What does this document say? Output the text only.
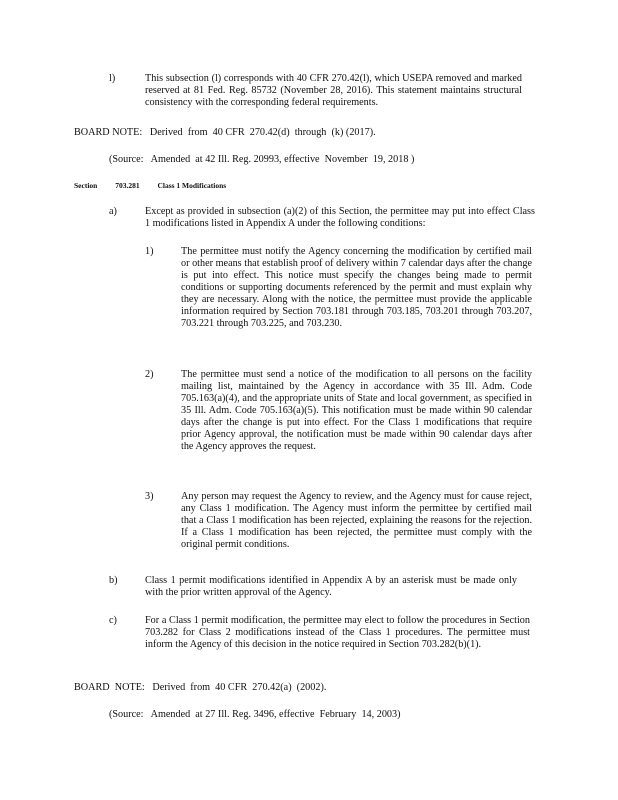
l)	This subsection (l) corresponds with 40 CFR 270.42(l), which USEPA removed and marked reserved at 81 Fed. Reg. 85732 (November 28, 2016). This statement maintains structural consistency with the corresponding federal requirements.
BOARD NOTE:   Derived  from  40 CFR  270.42(d)  through  (k) (2017).
(Source:   Amended  at 42 Ill. Reg. 20993, effective  November  19, 2018 )
Section 703.281 Class 1 Modifications
a)	Except as provided in subsection (a)(2) of this Section, the permittee may put into effect Class 1 modifications listed in Appendix A under the following conditions:
1)	The permittee must notify the Agency concerning the modification by certified mail or other means that establish proof of delivery within 7 calendar days after the change is put into effect. This notice must specify the changes being made to permit conditions or supporting documents referenced by the permit and must explain why they are necessary. Along with the notice, the permittee must provide the applicable information required by Section 703.181 through 703.185, 703.201 through 703.207, 703.221 through 703.225, and 703.230.
2)	The permittee must send a notice of the modification to all persons on the facility mailing list, maintained by the Agency in accordance with 35 Ill. Adm. Code 705.163(a)(4), and the appropriate units of State and local government, as specified in 35 Ill. Adm. Code 705.163(a)(5). This notification must be made within 90 calendar days after the change is put into effect. For the Class 1 modifications that require prior Agency approval, the notification must be made within 90 calendar days after the Agency approves the request.
3)	Any person may request the Agency to review, and the Agency must for cause reject, any Class 1 modification. The Agency must inform the permittee by certified mail that a Class 1 modification has been rejected, explaining the reasons for the rejection. If a Class 1 modification has been rejected, the permittee must comply with the original permit conditions.
b)	Class 1 permit modifications identified in Appendix A by an asterisk must be made only with the prior written approval of the Agency.
c)	For a Class 1 permit modification, the permittee may elect to follow the procedures in Section 703.282 for Class 2 modifications instead of the Class 1 procedures. The permittee must inform the Agency of this decision in the notice required in Section 703.282(b)(1).
BOARD  NOTE:   Derived  from  40 CFR  270.42(a)  (2002).
(Source:   Amended  at 27 Ill. Reg. 3496, effective  February  14, 2003)
